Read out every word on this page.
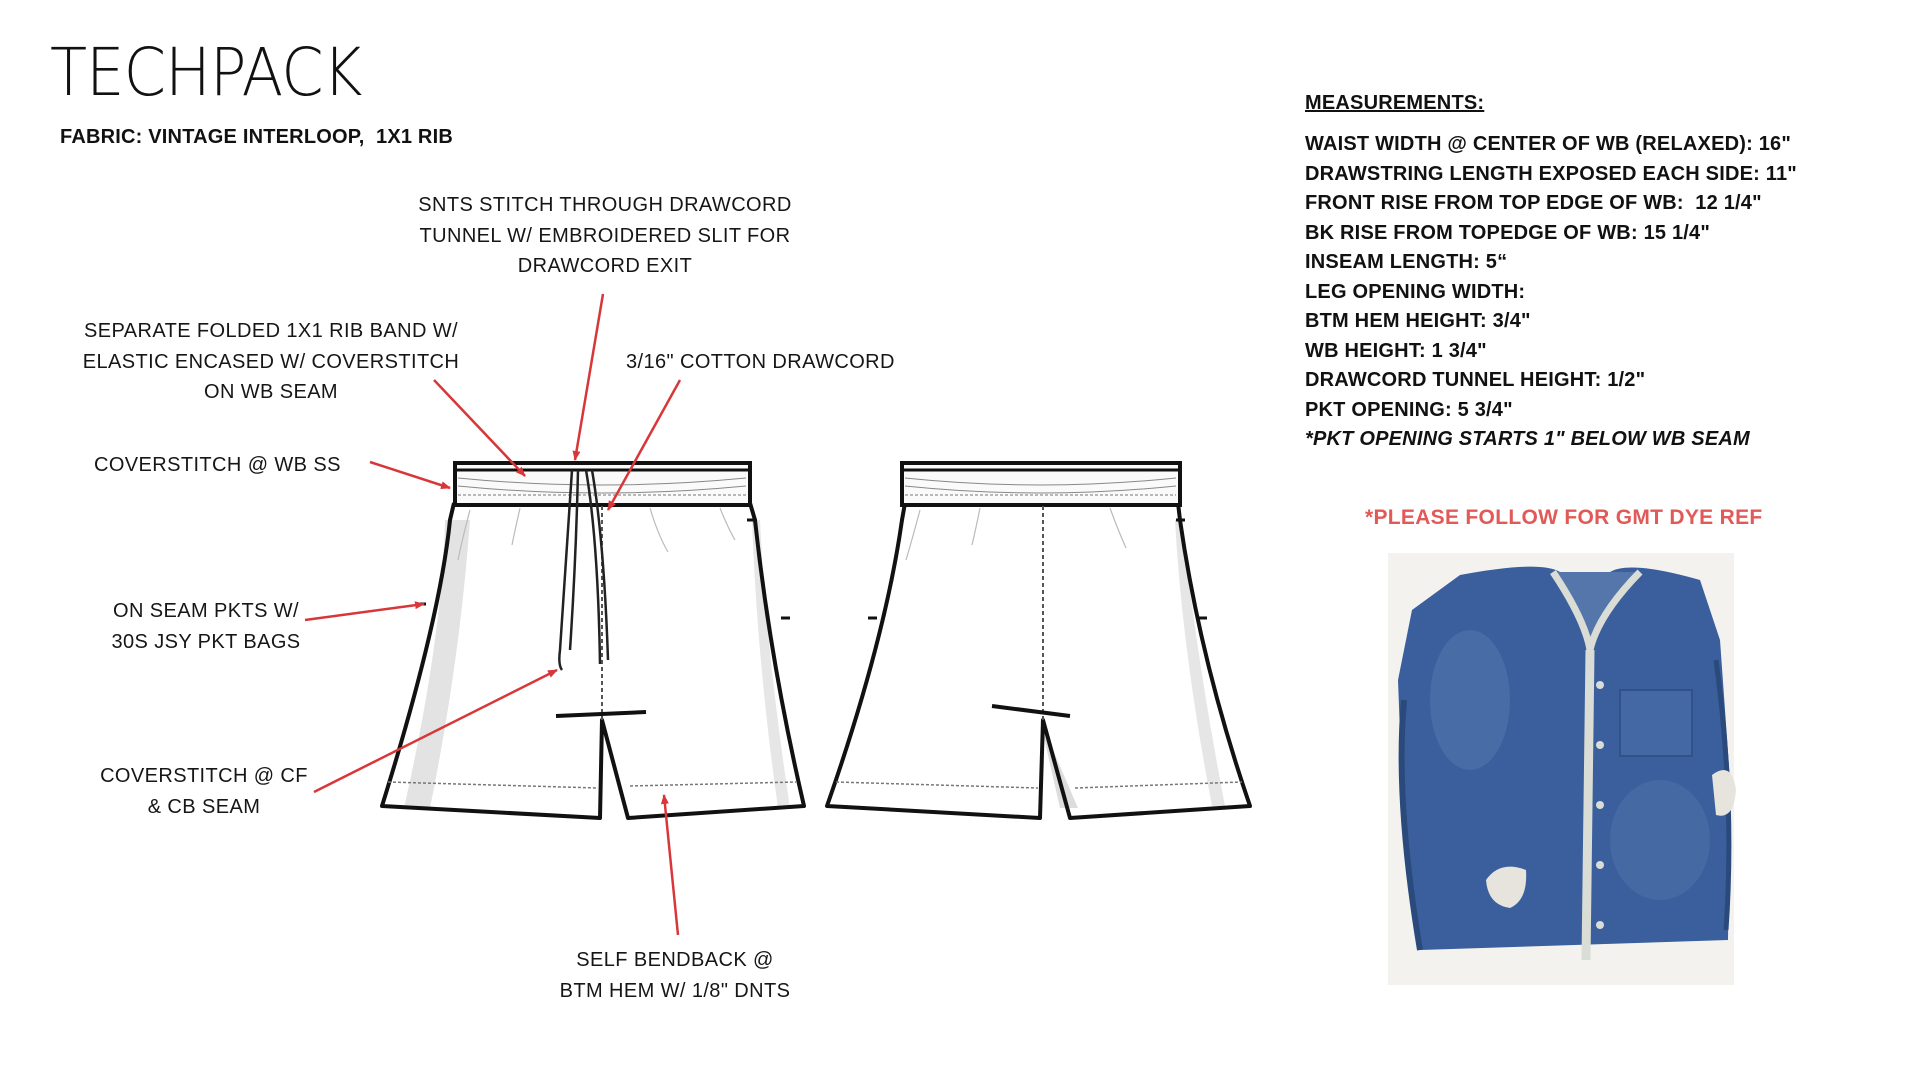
TECHPACK
FABRIC: VINTAGE INTERLOOP,  1X1 RIB
SNTS STITCH THROUGH DRAWCORD
TUNNEL W/ EMBROIDERED SLIT FOR
DRAWCORD EXIT
SEPARATE FOLDED 1X1 RIB BAND W/
ELASTIC ENCASED W/ COVERSTITCH
ON WB SEAM
3/16" COTTON DRAWCORD
COVERSTITCH @ WB SS
ON SEAM PKTS W/
30S JSY PKT BAGS
COVERSTITCH @ CF
& CB SEAM
SELF BENDBACK @
BTM HEM W/ 1/8" DNTS
MEASUREMENTS:
WAIST WIDTH @ CENTER OF WB (RELAXED): 16"
DRAWSTRING LENGTH EXPOSED EACH SIDE: 11"
FRONT RISE FROM TOP EDGE OF WB:  12 1/4"
BK RISE FROM TOPEDGE OF WB: 15 1/4"
INSEAM LENGTH: 5“
LEG OPENING WIDTH:
BTM HEM HEIGHT: 3/4"
WB HEIGHT: 1 3/4"
DRAWCORD TUNNEL HEIGHT: 1/2"
PKT OPENING: 5 3/4"
*PKT OPENING STARTS 1" BELOW WB SEAM
*PLEASE FOLLOW FOR GMT DYE REF
